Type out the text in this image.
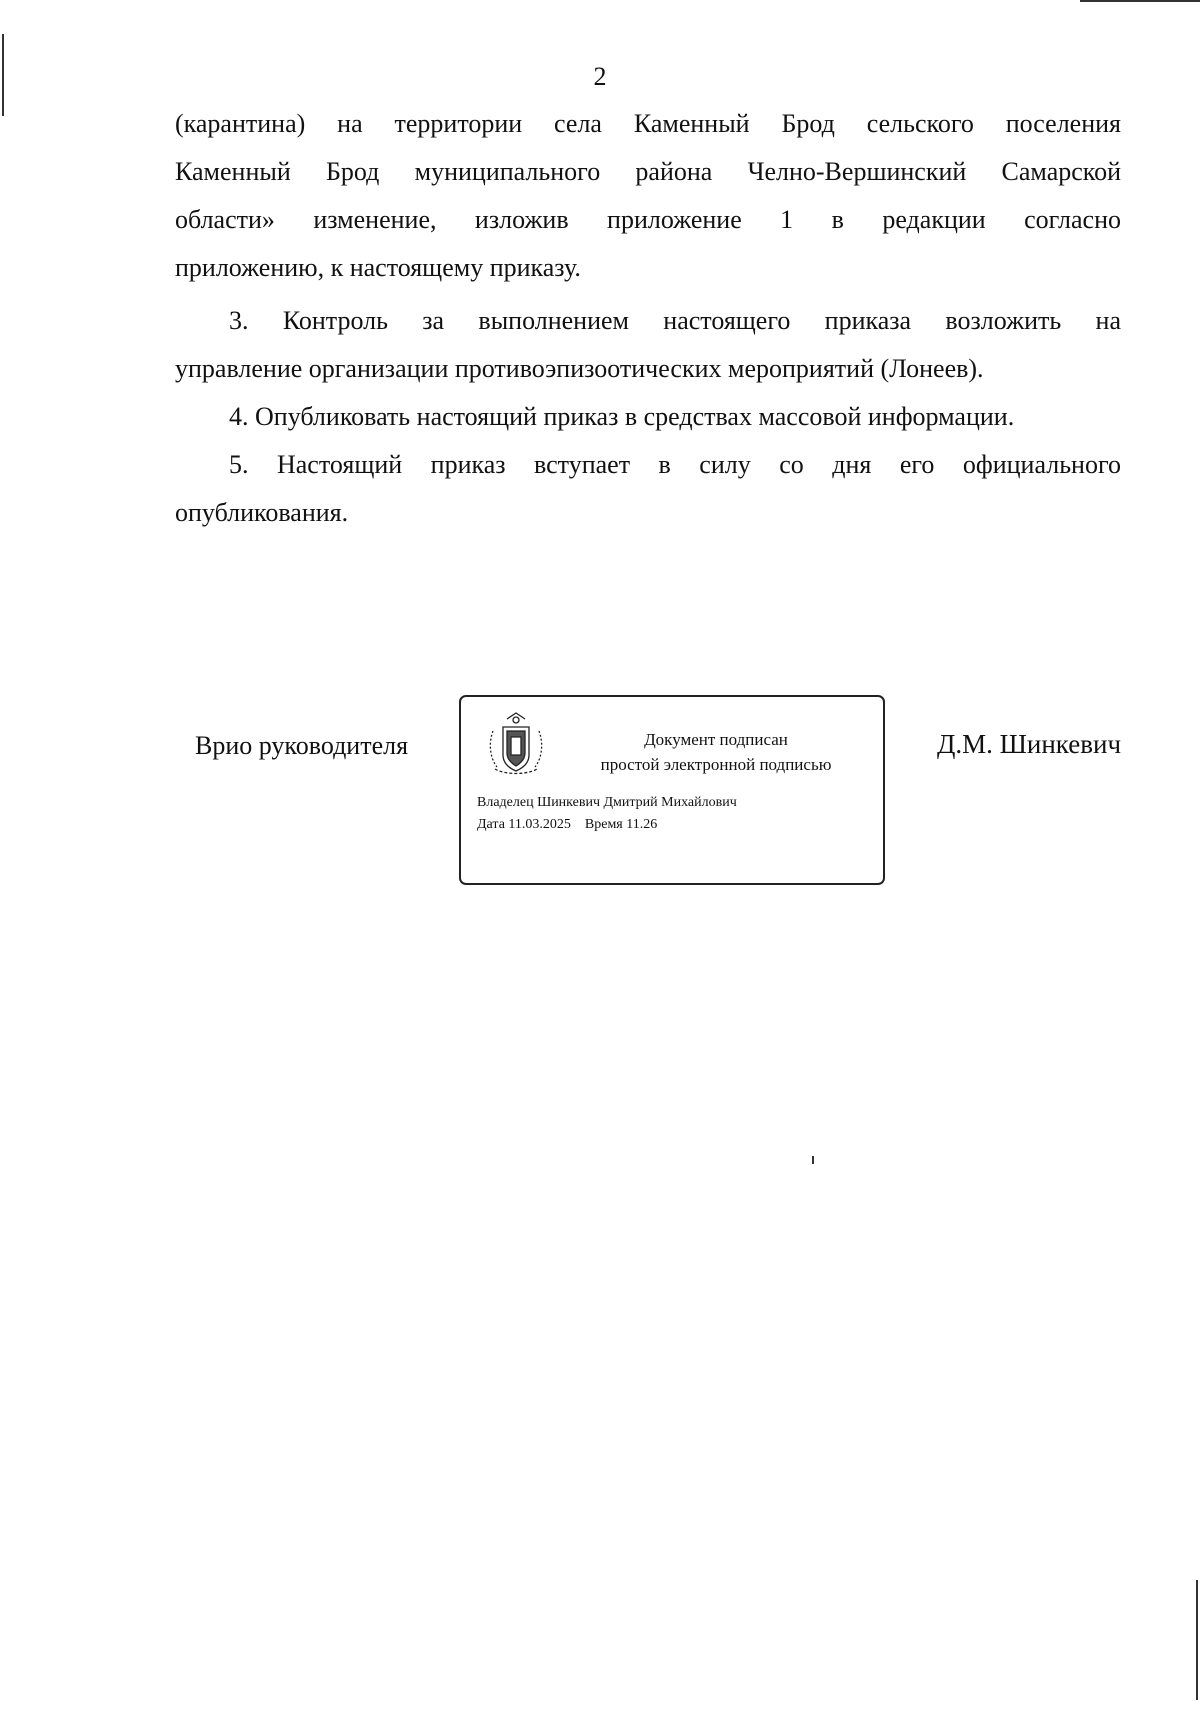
2
(карантина) на территории села Каменный Брод сельского поселения
Каменный Брод муниципального района Челно-Вершинский Самарской
области» изменение, изложив приложение 1 в редакции согласно
приложению, к настоящему приказу.
3. Контроль за выполнением настоящего приказа возложить на
управление организации противоэпизоотических мероприятий (Лонеев).
4. Опубликовать настоящий приказ в средствах массовой информации.
5. Настоящий приказ вступает в силу со дня его официального
опубликования.
Врио руководителя	Документ подписан
простой электронной подписью
Владелец Шинкевич Дмитрий Михайлович
Дата 11.03.2025 Время 11.26
Д.М. Шинкевич
